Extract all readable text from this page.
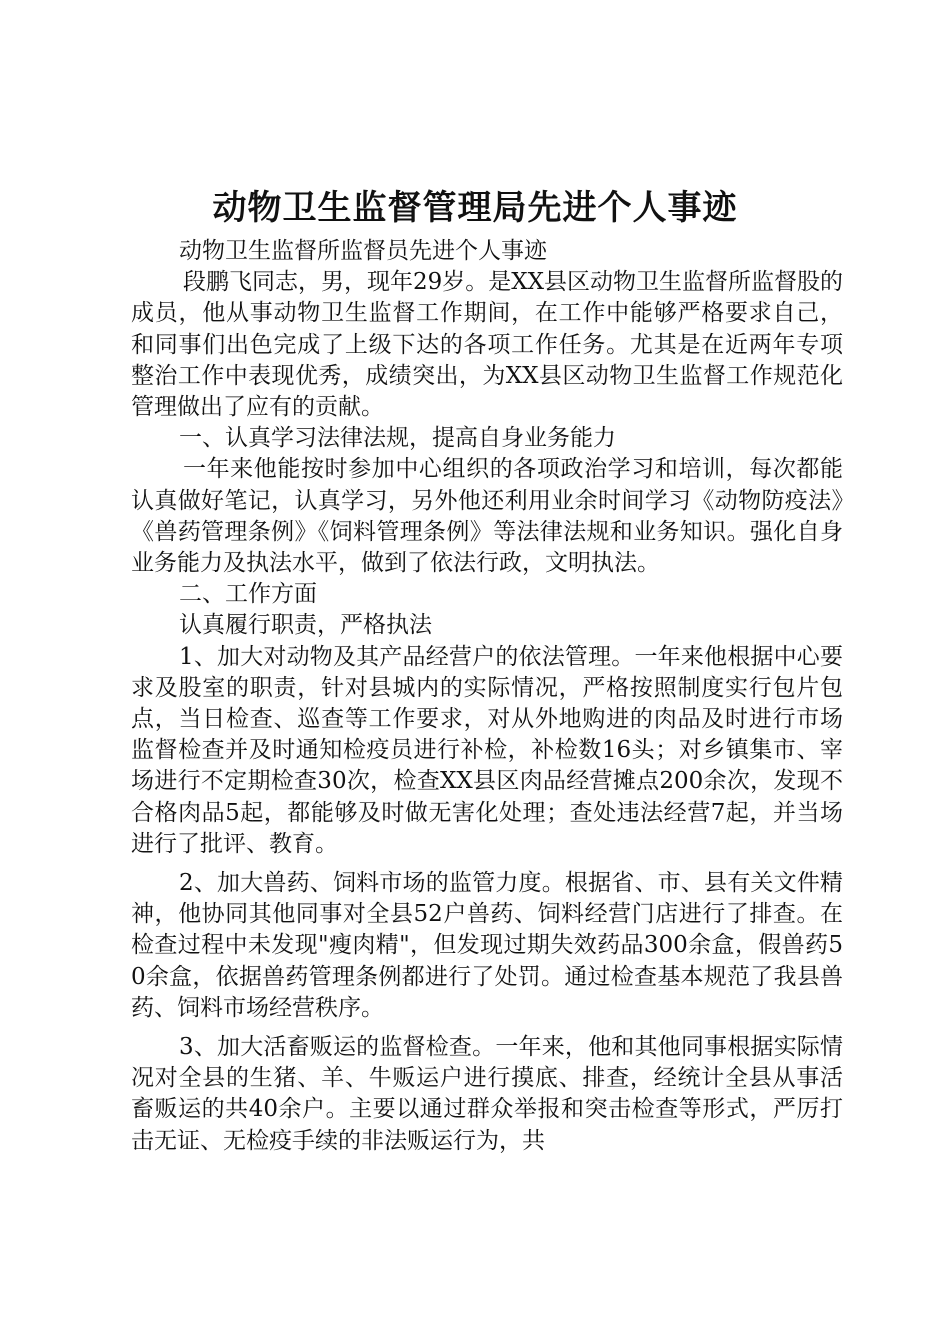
动物卫生监督管理局先进个人事迹

动物卫生监督所监督员先进个人事迹

段鹏飞同志，男，现年29岁。是XX县区动物卫生监督所监督股的成员，他从事动物卫生监督工作期间，在工作中能够严格要求自己，和同事们出色完成了上级下达的各项工作任务。尤其是在近两年专项整治工作中表现优秀，成绩突出，为XX县区动物卫生监督工作规范化管理做出了应有的贡献。

一、认真学习法律法规，提高自身业务能力

一年来他能按时参加中心组织的各项政治学习和培训，每次都能认真做好笔记，认真学习，另外他还利用业余时间学习《动物防疫法》《兽药管理条例》《饲料管理条例》等法律法规和业务知识。强化自身业务能力及执法水平，做到了依法行政，文明执法。

二、工作方面

认真履行职责，严格执法

1、加大对动物及其产品经营户的依法管理。一年来他根据中心要求及股室的职责，针对县城内的实际情况，严格按照制度实行包片包点，当日检查、巡查等工作要求，对从外地购进的肉品及时进行市场监督检查并及时通知检疫员进行补检，补检数16头；对乡镇集市、宰场进行不定期检查30次，检查XX县区肉品经营摊点200余次，发现不合格肉品5起，都能够及时做无害化处理；查处违法经营7起，并当场进行了批评、教育。

2、加大兽药、饲料市场的监管力度。根据省、市、县有关文件精神，他协同其他同事对全县52户兽药、饲料经营门店进行了排查。在检查过程中未发现"瘦肉精"，但发现过期失效药品300余盒，假兽药50余盒，依据兽药管理条例都进行了处罚。通过检查基本规范了我县兽药、饲料市场经营秩序。

3、加大活畜贩运的监督检查。一年来，他和其他同事根据实际情况对全县的生猪、羊、牛贩运户进行摸底、排查，经统计全县从事活畜贩运的共40余户。主要以通过群众举报和突击检查等形式，严厉打击无证、无检疫手续的非法贩运行为，共
